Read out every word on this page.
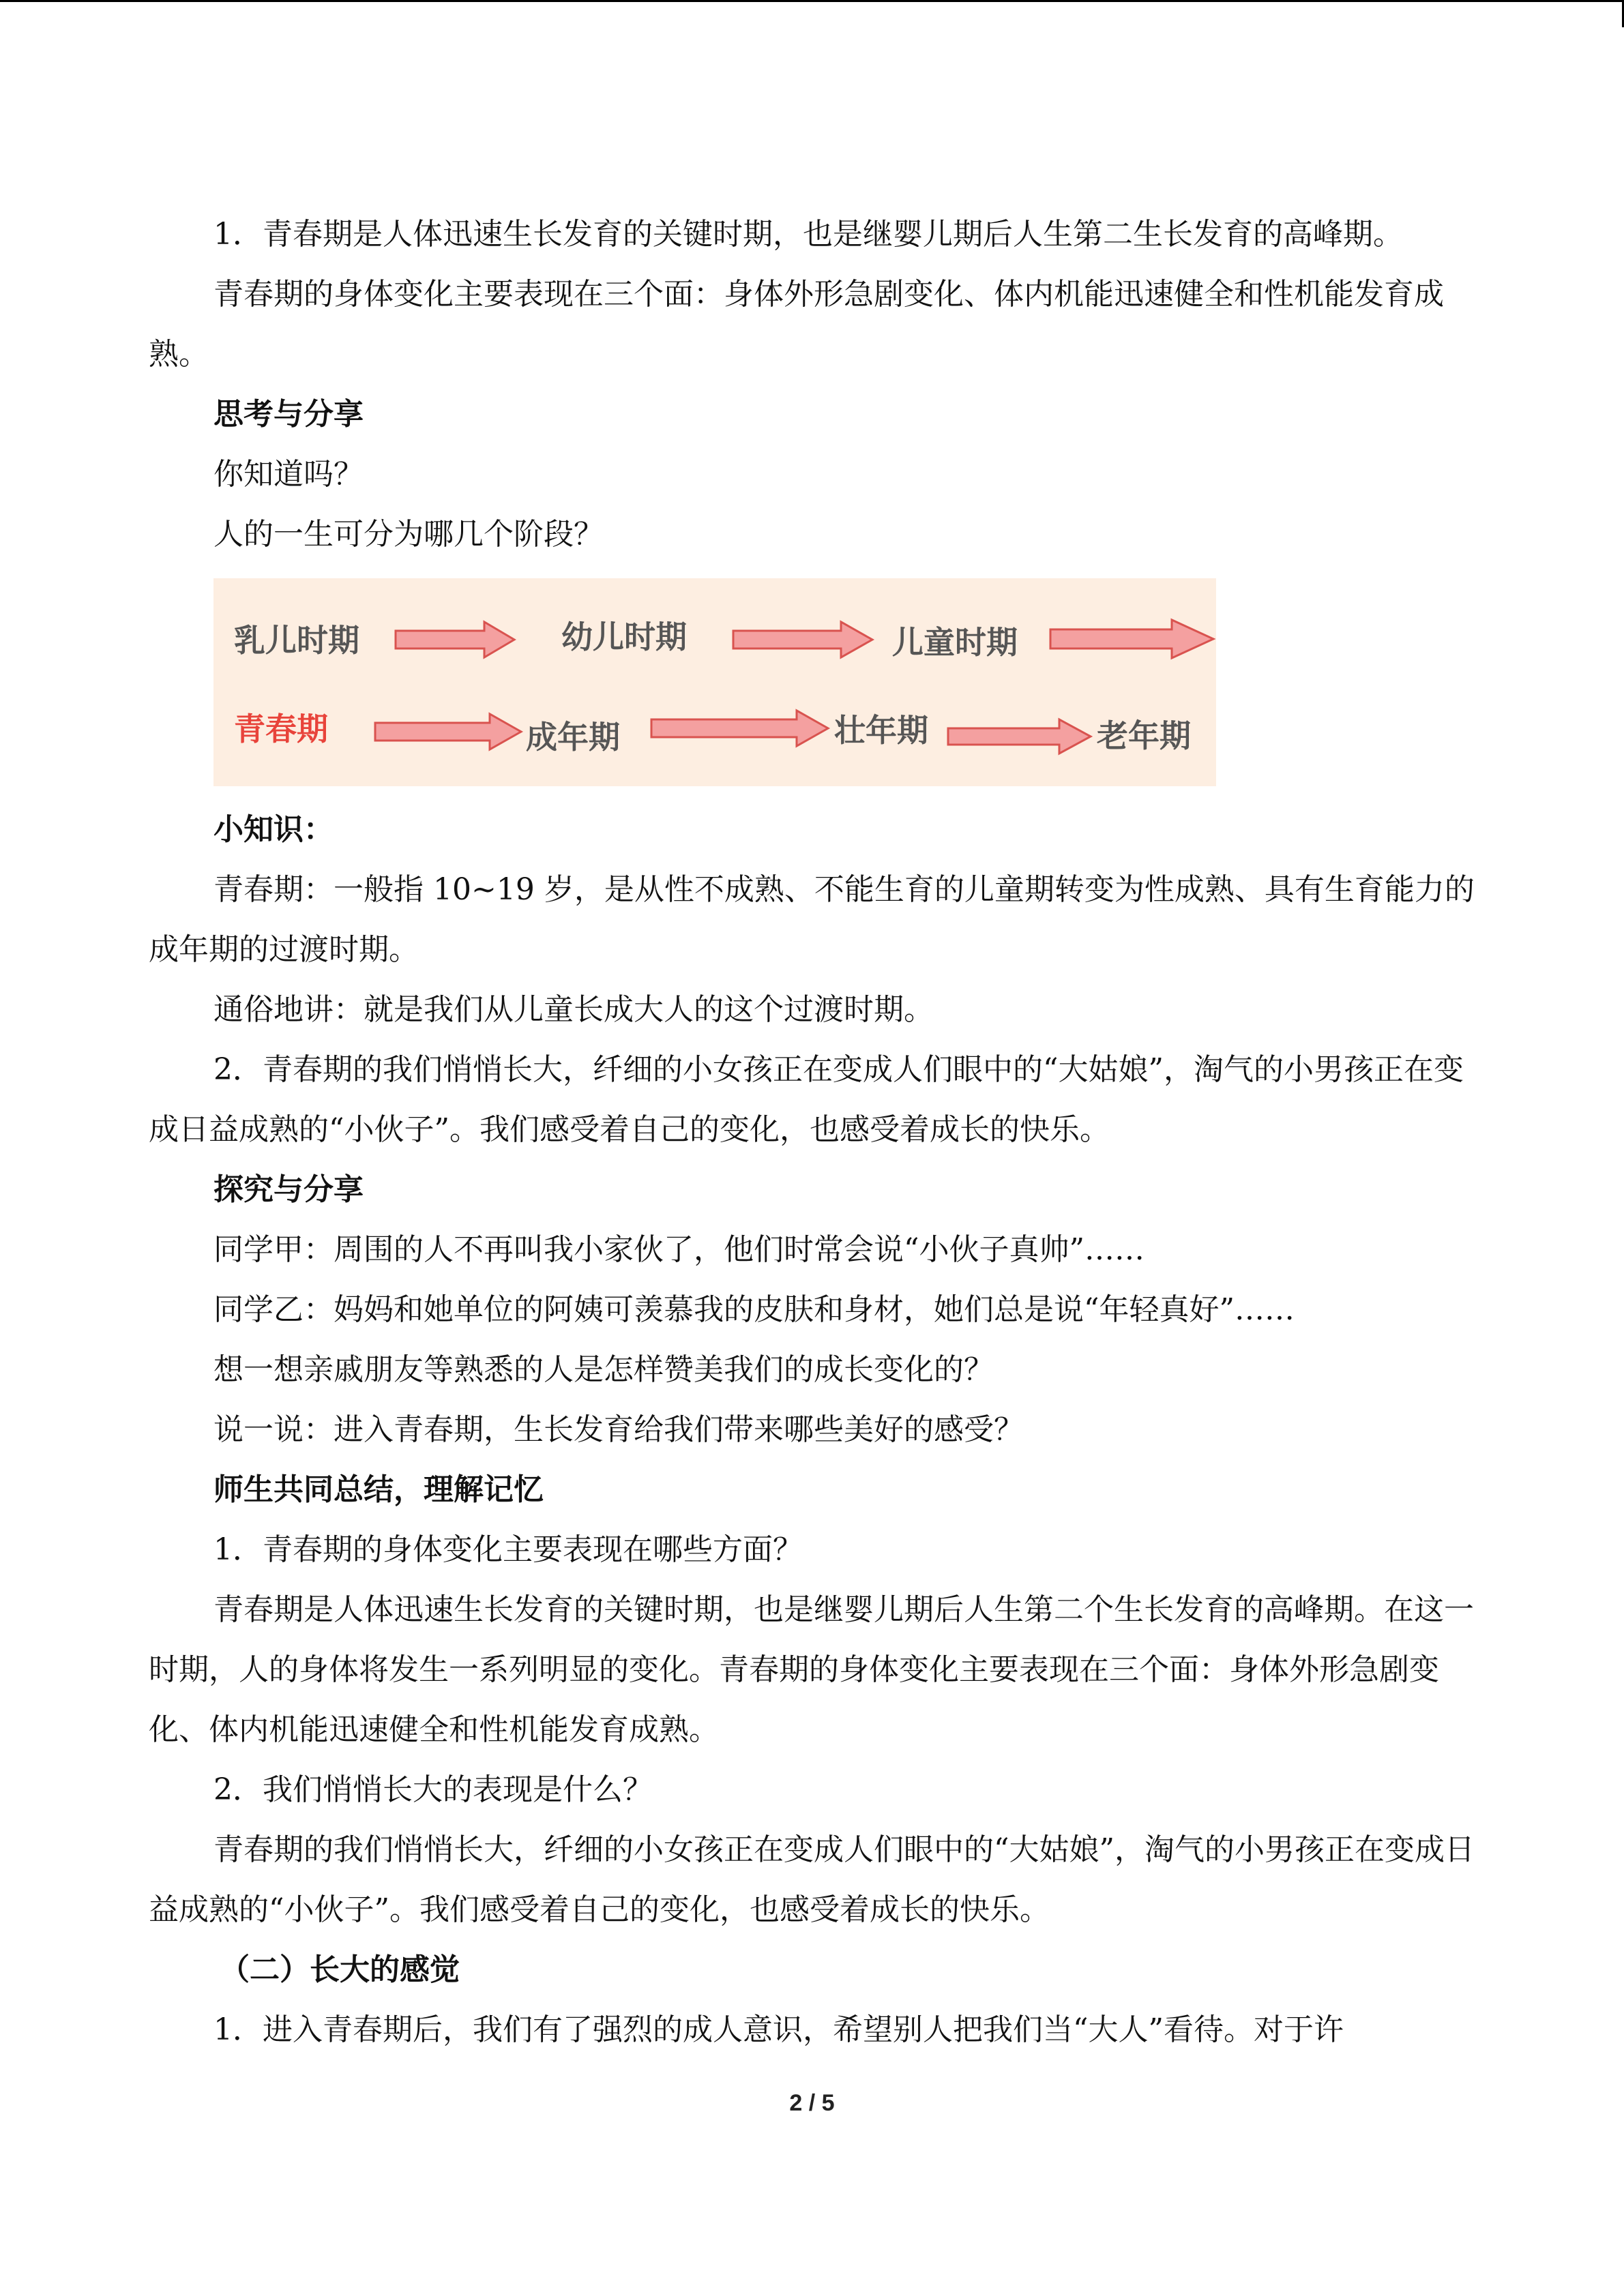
1．青春期是人体迅速生长发育的关键时期，也是继婴儿期后人生第二生长发育的高峰期。

青春期的身体变化主要表现在三个面：身体外形急剧变化、体内机能迅速健全和性机能发育成熟。

思考与分享

你知道吗？

人的一生可分为哪几个阶段？

乳儿时期	幼儿时期	儿童时期
青春期	成年期	壮年期	老年期

小知识：

青春期：一般指 10~19 岁，是从性不成熟、不能生育的儿童期转变为性成熟、具有生育能力的成年期的过渡时期。

通俗地讲：就是我们从儿童长成大人的这个过渡时期。

2．青春期的我们悄悄长大，纤细的小女孩正在变成人们眼中的“大姑娘”，淘气的小男孩正在变成日益成熟的“小伙子”。我们感受着自己的变化，也感受着成长的快乐。

探究与分享

同学甲：周围的人不再叫我小家伙了，他们时常会说“小伙子真帅”……

同学乙：妈妈和她单位的阿姨可羡慕我的皮肤和身材，她们总是说“年轻真好”……

想一想亲戚朋友等熟悉的人是怎样赞美我们的成长变化的？

说一说：进入青春期，生长发育给我们带来哪些美好的感受？

师生共同总结，理解记忆

1．青春期的身体变化主要表现在哪些方面？

青春期是人体迅速生长发育的关键时期，也是继婴儿期后人生第二个生长发育的高峰期。在这一时期，人的身体将发生一系列明显的变化。青春期的身体变化主要表现在三个面：身体外形急剧变化、体内机能迅速健全和性机能发育成熟。

2．我们悄悄长大的表现是什么？

青春期的我们悄悄长大，纤细的小女孩正在变成人们眼中的“大姑娘”，淘气的小男孩正在变成日益成熟的“小伙子”。我们感受着自己的变化，也感受着成长的快乐。

（二）长大的感觉

1．进入青春期后，我们有了强烈的成人意识，希望别人把我们当“大人”看待。对于许

2 / 5
